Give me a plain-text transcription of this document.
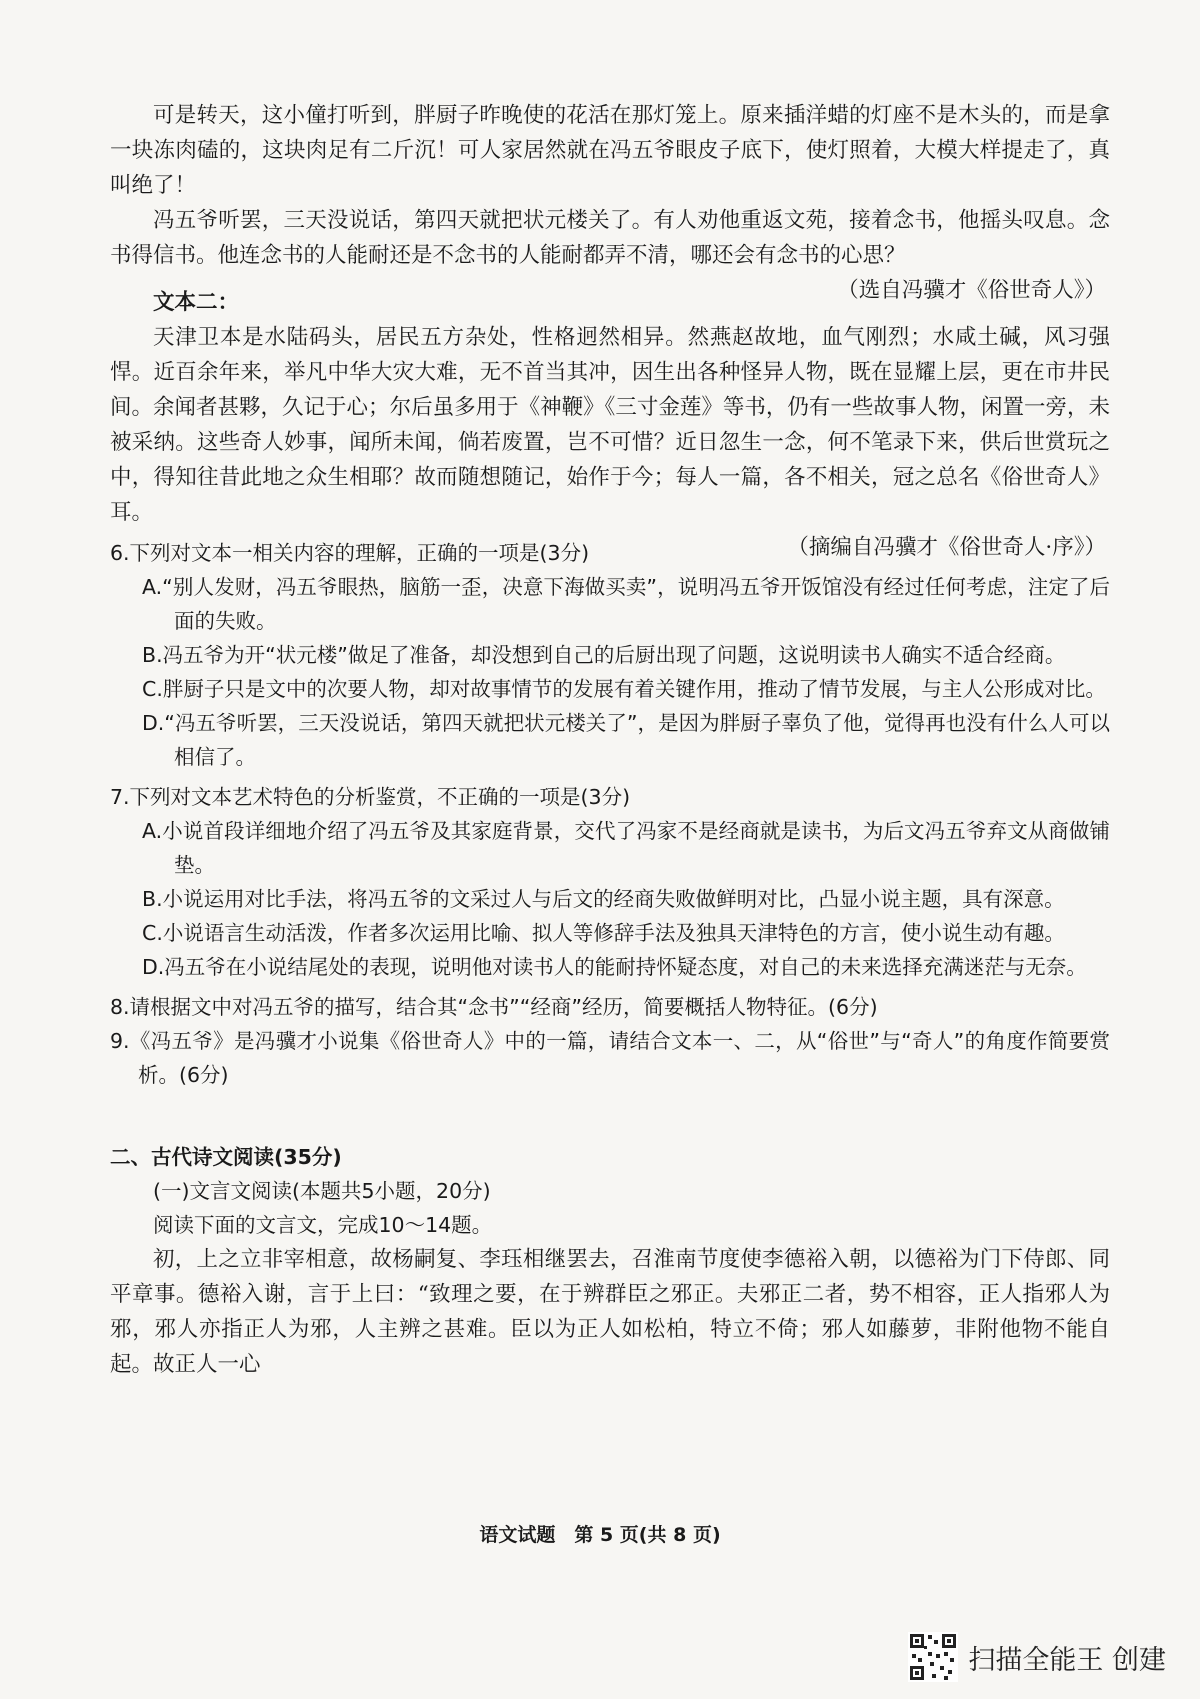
可是转天，这小僮打听到，胖厨子昨晚使的花活在那灯笼上。原来插洋蜡的灯座不是木头的，而是拿一块冻肉磕的，这块肉足有二斤沉！可人家居然就在冯五爷眼皮子底下，使灯照着，大模大样提走了，真叫绝了！

冯五爷听罢，三天没说话，第四天就把状元楼关了。有人劝他重返文苑，接着念书，他摇头叹息。念书得信书。他连念书的人能耐还是不念书的人能耐都弄不清，哪还会有念书的心思？

（选自冯骥才《俗世奇人》）

文本二：

天津卫本是水陆码头，居民五方杂处，性格迥然相异。然燕赵故地，血气刚烈；水咸土碱，风习强悍。近百余年来，举凡中华大灾大难，无不首当其冲，因生出各种怪异人物，既在显耀上层，更在市井民间。余闻者甚夥，久记于心；尔后虽多用于《神鞭》《三寸金莲》等书，仍有一些故事人物，闲置一旁，未被采纳。这些奇人妙事，闻所未闻，倘若废置，岂不可惜？近日忽生一念，何不笔录下来，供后世赏玩之中，得知往昔此地之众生相耶？故而随想随记，始作于今；每人一篇，各不相关，冠之总名《俗世奇人》耳。

（摘编自冯骥才《俗世奇人·序》）

6.下列对文本一相关内容的理解，正确的一项是(3分)

A.“别人发财，冯五爷眼热，脑筋一歪，决意下海做买卖”，说明冯五爷开饭馆没有经过任何考虑，注定了后面的失败。

B.冯五爷为开“状元楼”做足了准备，却没想到自己的后厨出现了问题，这说明读书人确实不适合经商。

C.胖厨子只是文中的次要人物，却对故事情节的发展有着关键作用，推动了情节发展，与主人公形成对比。

D.“冯五爷听罢，三天没说话，第四天就把状元楼关了”，是因为胖厨子辜负了他，觉得再也没有什么人可以相信了。

7.下列对文本艺术特色的分析鉴赏，不正确的一项是(3分)

A.小说首段详细地介绍了冯五爷及其家庭背景，交代了冯家不是经商就是读书，为后文冯五爷弃文从商做铺垫。

B.小说运用对比手法，将冯五爷的文采过人与后文的经商失败做鲜明对比，凸显小说主题，具有深意。

C.小说语言生动活泼，作者多次运用比喻、拟人等修辞手法及独具天津特色的方言，使小说生动有趣。

D.冯五爷在小说结尾处的表现，说明他对读书人的能耐持怀疑态度，对自己的未来选择充满迷茫与无奈。

8.请根据文中对冯五爷的描写，结合其“念书”“经商”经历，简要概括人物特征。(6分)

9.《冯五爷》是冯骥才小说集《俗世奇人》中的一篇，请结合文本一、二，从“俗世”与“奇人”的角度作简要赏析。(6分)

二、古代诗文阅读(35分)

(一)文言文阅读(本题共5小题，20分)

阅读下面的文言文，完成10～14题。

初，上之立非宰相意，故杨嗣复、李珏相继罢去，召淮南节度使李德裕入朝，以德裕为门下侍郎、同平章事。德裕入谢，言于上曰：“致理之要，在于辨群臣之邪正。夫邪正二者，势不相容，正人指邪人为邪，邪人亦指正人为邪，人主辨之甚难。臣以为正人如松柏，特立不倚；邪人如藤萝，非附他物不能自起。故正人一心

语文试题　第 5 页(共 8 页)
扫描全能王 创建
